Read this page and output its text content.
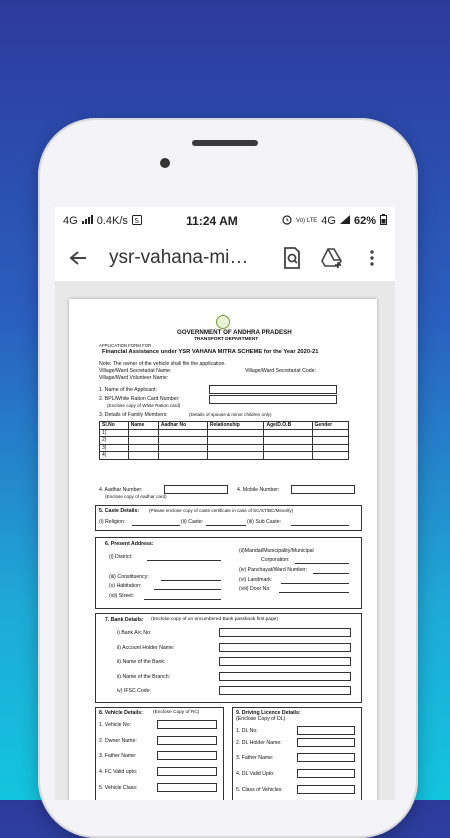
4G 0.4K/s S	11:24 AM	Vo) LTE 4G 62%
ysr-vahana-mi…
GOVERNMENT OF ANDHRA PRADESH
TRANSPORT DEPARTMENT
APPLICATION FORM FOR
Financial Assistance under YSR VAHANA MITRA SCHEME for the Year 2020-21
Note: The owner of the vehicle shall file the application.
Village/Ward Secretariat Name:	Village/Ward Secretariat Code:
Village/Ward Volunteer Name:
1. Name of the Applicant:
2. BPL/White Ration Card Number:
(Enclose copy of White Ration card)
3. Details of Family Members:	(Details of spouse & minor children only)
Sl.No	Name	Aadhar No	Relationship	Age/D.O.B	Gender
1)					
2)					
3)					
4)					
4. Aadhar Number:
(Enclose copy of Aadhar card)
4. Mobile Number:
5. Caste Details: (Please enclose copy of caste certificate in case of SC/ST/BC/Minority)
(i) Religion:	(ii) Caste:	(iii) Sub Caste:
6. Present Address:
(i) District:
(ii)Mandal/Municipality/Municipal
Corporation:
(iv) Panchayat/Ward Number:
(iii) Constituency:	(vi) Landmark:
(v) Habitation:	(viii) Door No:
(vii) Street:
7. Bank Details: (Enclose copy of un encumbered Bank passbook first page)
i) Bank A/c No:
ii) Account Holder Name:
ii) Name of the Bank:
ii) Name of the Branch:
iv) IFSC Code:
8. Vehicle Details: (Enclose Copy of RC)
1. Vehicle No:
2. Owner Name:
3. Father Name:
4. FC Valid upto:
5. Vehicle Class:
9. Driving Licence Details:
(Enclose Copy of DL)
1. DL No:
2. DL Holder Name:
3. Father Name:
4. DL Valid Upto:
5. Class of Vehicles:
